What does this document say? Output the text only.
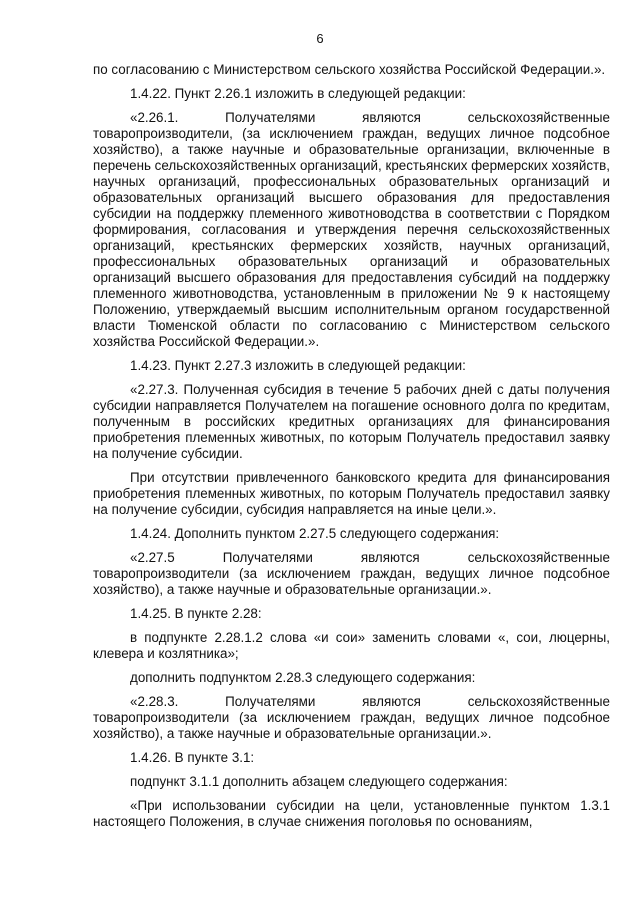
6

по согласованию с Министерством сельского хозяйства Российской Федерации.».

1.4.22. Пункт 2.26.1 изложить в следующей редакции:

«2.26.1. Получателями являются сельскохозяйственные товаропроизводители, (за исключением граждан, ведущих личное подсобное хозяйство), а также научные и образовательные организации, включенные в перечень сельскохозяйственных организаций, крестьянских фермерских хозяйств, научных организаций, профессиональных образовательных организаций и образовательных организаций высшего образования для предоставления субсидии на поддержку племенного животноводства в соответствии с Порядком формирования, согласования и утверждения перечня сельскохозяйственных организаций, крестьянских фермерских хозяйств, научных организаций, профессиональных образовательных организаций и образовательных организаций высшего образования для предоставления субсидий на поддержку племенного животноводства, установленным в приложении № 9 к настоящему Положению, утверждаемый высшим исполнительным органом государственной власти Тюменской области по согласованию с Министерством сельского хозяйства Российской Федерации.».

1.4.23. Пункт 2.27.3 изложить в следующей редакции:

«2.27.3. Полученная субсидия в течение 5 рабочих дней с даты получения субсидии направляется Получателем на погашение основного долга по кредитам, полученным в российских кредитных организациях для финансирования приобретения племенных животных, по которым Получатель предоставил заявку на получение субсидии.

При отсутствии привлеченного банковского кредита для финансирования приобретения племенных животных, по которым Получатель предоставил заявку на получение субсидии, субсидия направляется на иные цели.».

1.4.24. Дополнить пунктом 2.27.5 следующего содержания:

«2.27.5 Получателями являются сельскохозяйственные товаропроизводители (за исключением граждан, ведущих личное подсобное хозяйство), а также научные и образовательные организации.».

1.4.25. В пункте 2.28:

в подпункте 2.28.1.2 слова «и сои» заменить словами «, сои, люцерны, клевера и козлятника»;

дополнить подпунктом 2.28.3 следующего содержания:

«2.28.3. Получателями являются сельскохозяйственные товаропроизводители (за исключением граждан, ведущих личное подсобное хозяйство), а также научные и образовательные организации.».

1.4.26. В пункте 3.1:

подпункт 3.1.1 дополнить абзацем следующего содержания:

«При использовании субсидии на цели, установленные пунктом 1.3.1 настоящего Положения, в случае снижения поголовья по основаниям,
